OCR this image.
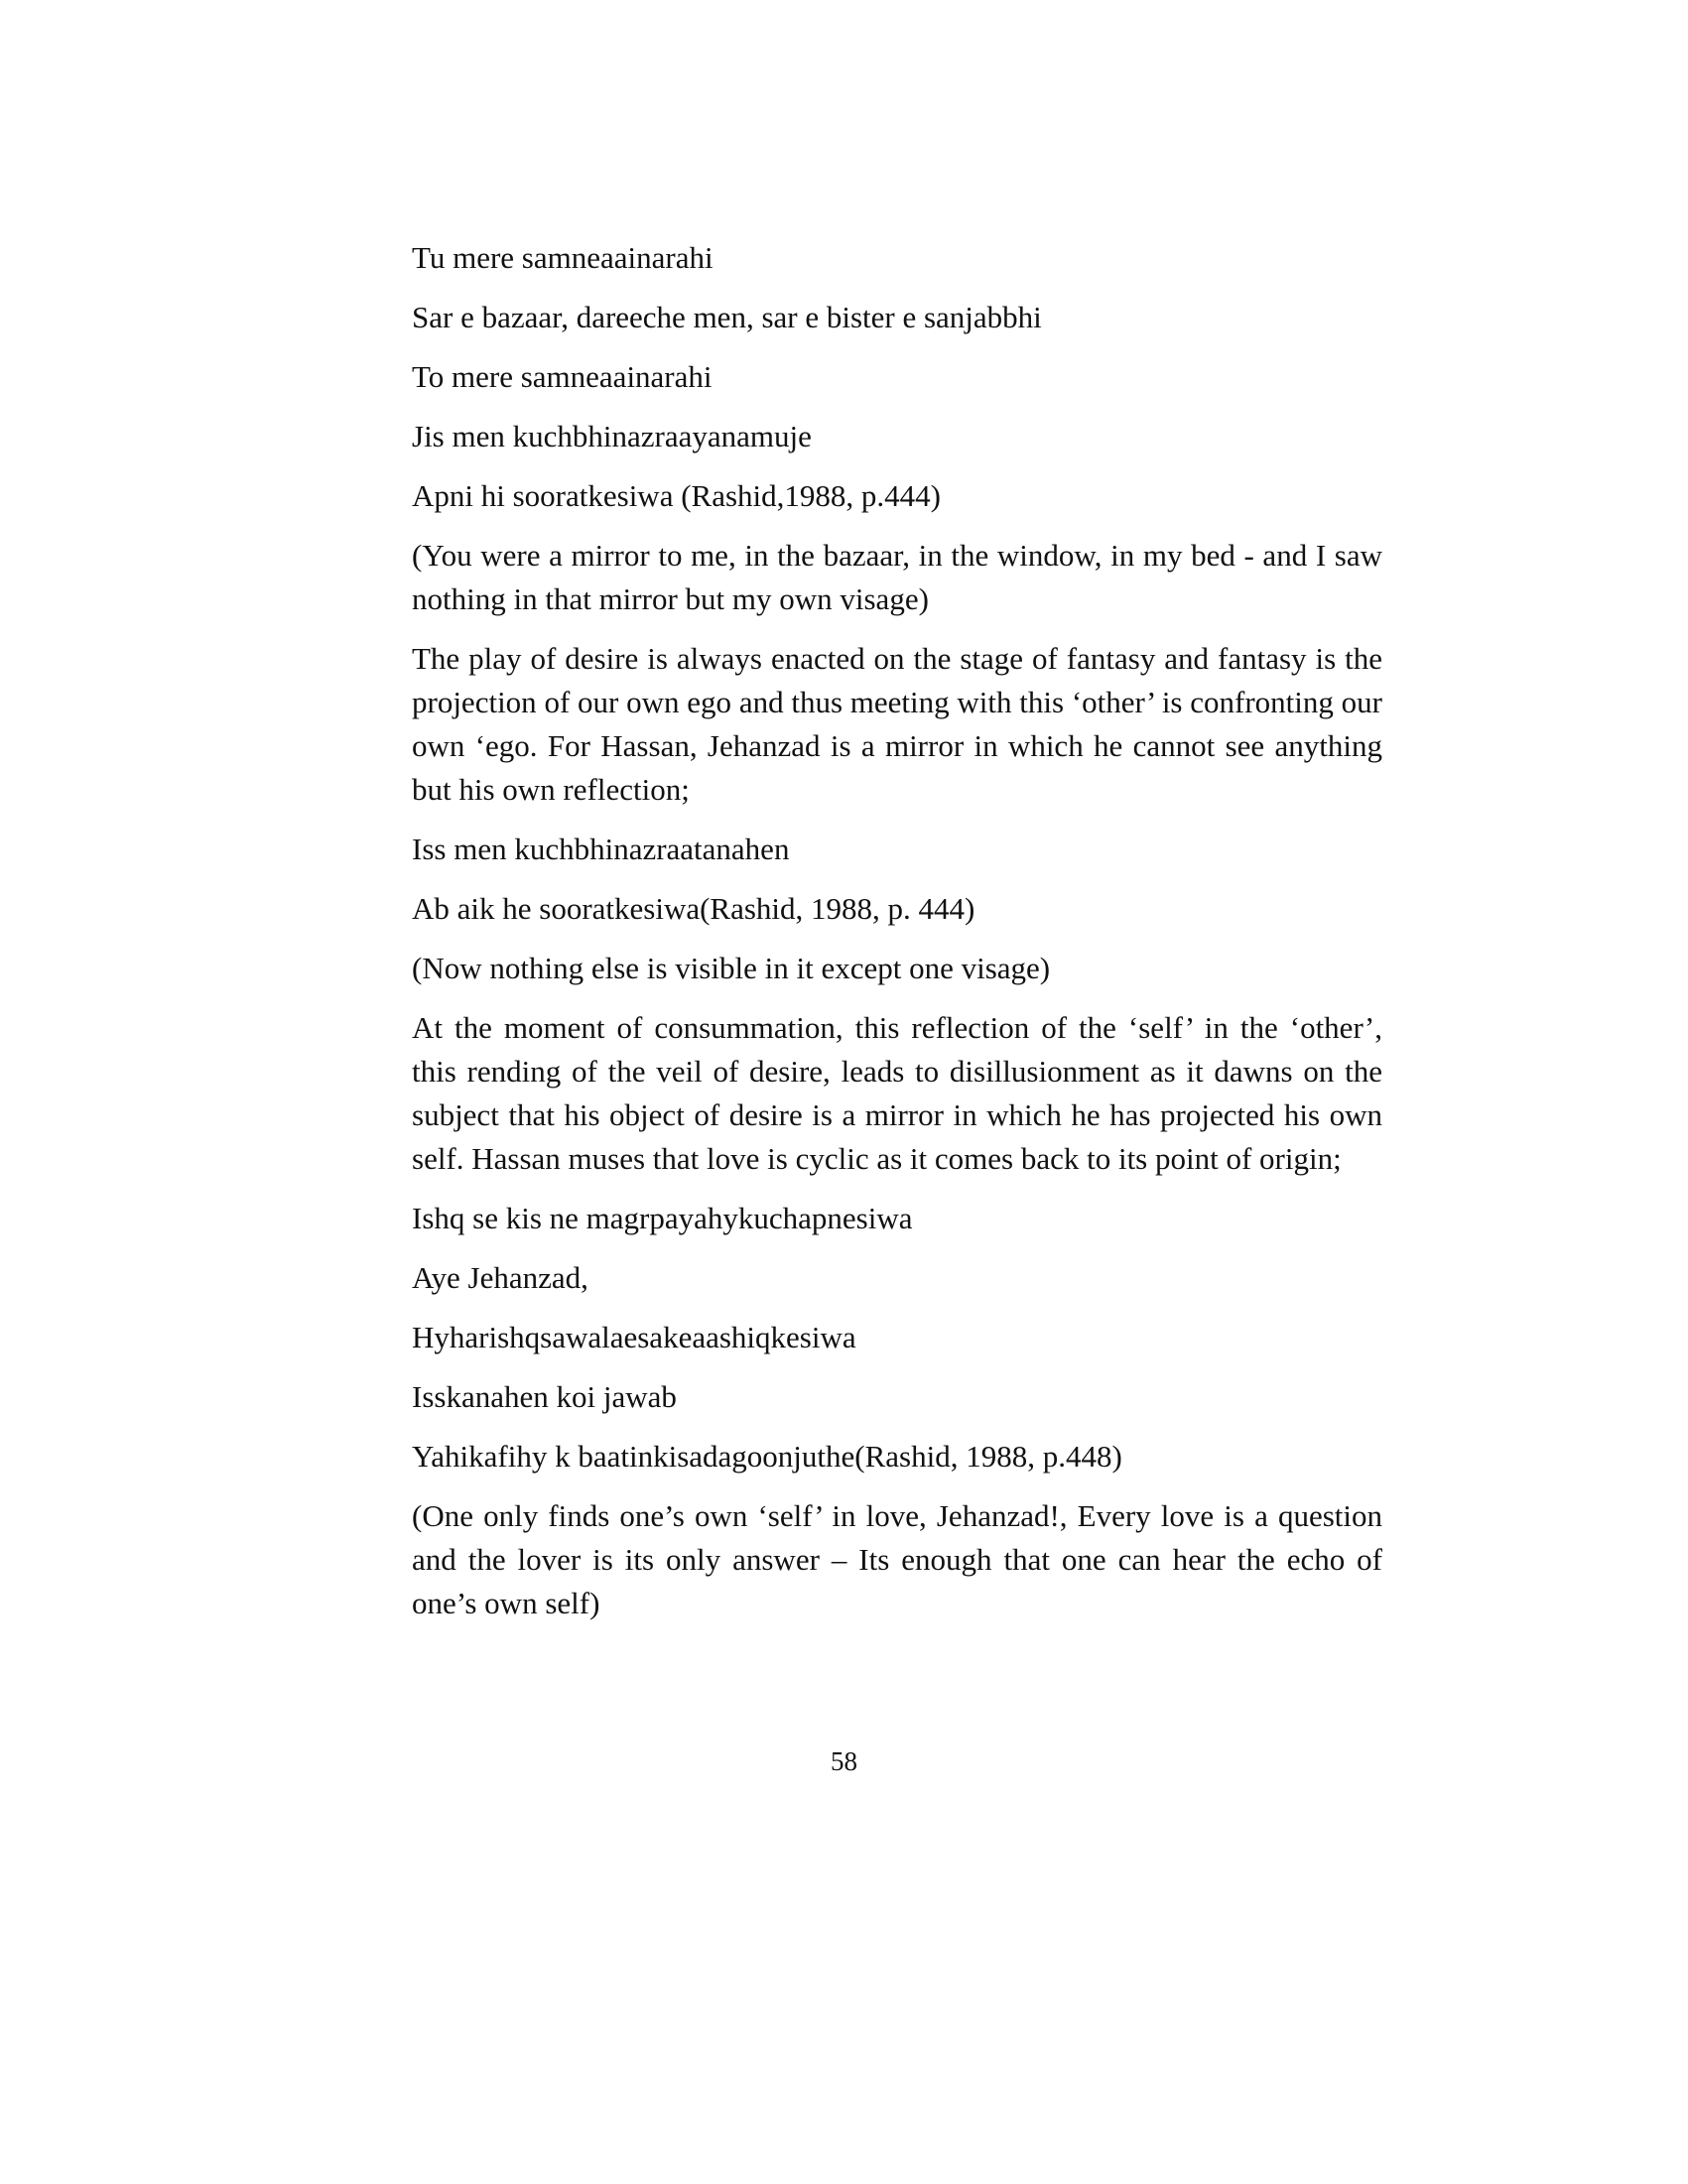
Tu mere samneaainarahi
Sar e bazaar, dareeche men, sar e bister e sanjabbhi
To mere samneaainarahi
Jis men kuchbhinazraayanamuje
Apni hi sooratkesiwa (Rashid,1988, p.444)
(You were a mirror to me, in the bazaar, in the window, in my bed - and I saw nothing in that mirror but my own visage)
The play of desire is always enacted on the stage of fantasy and fantasy is the projection of our own ego and thus meeting with this ‘other’ is confronting our own ‘ego. For Hassan, Jehanzad is a mirror in which he cannot see anything but his own reflection;
Iss men kuchbhinazraatanahen
Ab aik he sooratkesiwa(Rashid, 1988, p. 444)
(Now nothing else is visible in it except one visage)
At the moment of consummation, this reflection of the ‘self’ in the ‘other’, this rending of the veil of desire, leads to disillusionment as it dawns on the subject that his object of desire is a mirror in which he has projected his own self. Hassan muses that love is cyclic as it comes back to its point of origin;
Ishq se kis ne magrpayahykuchapnesiwa
Aye Jehanzad,
Hyharishqsawalaesakeaashiqkesiwa
Isskanahen koi jawab
Yahikafihy k baatinkisadagoonjuthe(Rashid, 1988, p.448)
(One only finds one’s own ‘self’ in love, Jehanzad!, Every love is a question and the lover is its only answer – Its enough that one can hear the echo of one’s own self)
58
